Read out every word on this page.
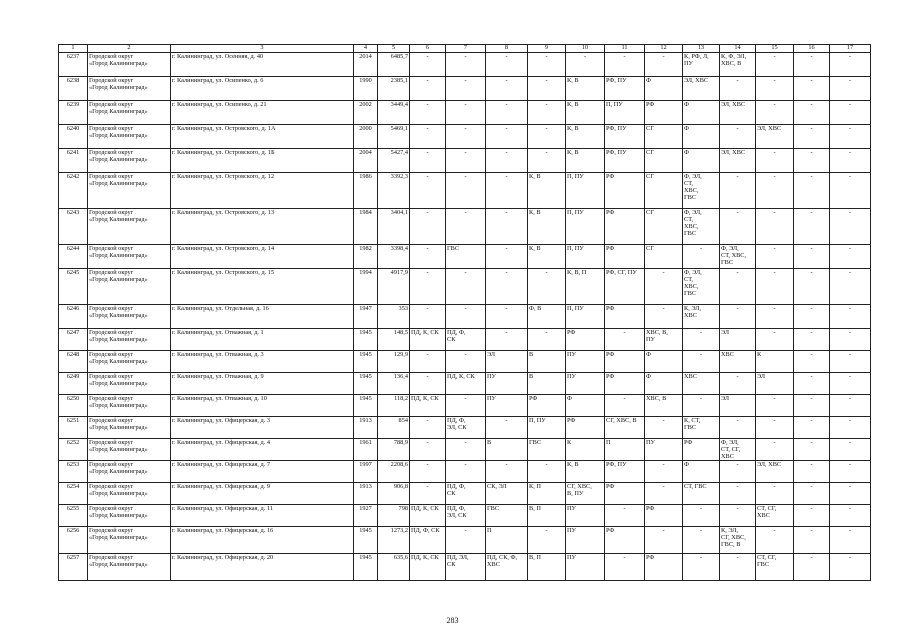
1	2	3	4	5	6	7	8	9	10	11	12	13	14	15	16	17
6237	Городской округ
«Город Калининград»	г. Калининград, ул. Осенняя, д. 40	2014	6485,7	-	-	-	-	-	-	-	К, РФ, Л,
ПУ	К, Ф, ЭЛ,
ХВС, В	-	-	-
6238	Городской округ
«Город Калининград»	г. Калининград, ул. Осипенко, д. 6	1990	2385,1	-	-	-	-	К, В	РФ, ПУ	Ф	ЭЛ, ХВС	-	-	-	-
6239	Городской округ
«Город Калининград»	г. Калининград, ул. Осипенко, д. 21	2002	3449,4	-	-	-	-	К, В	П, ПУ	РФ	Ф	ЭЛ, ХВС	-	-	-
6240	Городской округ
«Город Калининград»	г. Калининград, ул. Островского, д. 1А	2000	5469,1	-	-	-	-	К, В	РФ, ПУ	СГ	Ф	-	ЭЛ, ХВС	-	-
6241	Городской округ
«Город Калининград»	г. Калининград, ул. Островского, д. 1Б	2004	5427,4	-	-	-	-	К, В	РФ, ПУ	СГ	Ф	ЭЛ, ХВС	-	-	-
6242	Городской округ
«Город Калининград»	г. Калининград, ул. Островского, д. 12	1986	3392,3	-	-	-	К, В	П, ПУ	РФ	СГ	Ф, ЭЛ,
СТ,
ХВС,
ГВС	-	-	-	-
6243	Городской округ
«Город Калининград»	г. Калининград, ул. Островского, д. 13	1984	3404,1	-	-	-	К, В	П, ПУ	РФ	СГ	Ф, ЭЛ,
СТ,
ХВС,
ГВС	-	-	-	-
6244	Городской округ
«Город Калининград»	г. Калининград, ул. Островского, д. 14	1982	3398,4	-	ГВС	-	К, В	П, ПУ	РФ	СГ	-	Ф, ЭЛ,
СТ, ХВС,
ГВС	-	-	-
6245	Городской округ
«Город Калининград»	г. Калининград, ул. Островского, д. 15	1994	4917,9	-	-	-	-	К, В, П	РФ, СГ, ПУ	-	Ф, ЭЛ,
СТ,
ХВС,
ГВС	-	-	-	-
6246	Городской округ
«Город Калининград»	г. Калининград, ул. Отдельная, д. 16	1947	353	-	-	-	Ф, В	П, ПУ	РФ	-	К, ЭЛ,
ХВС	-	-	-	-
6247	Городской округ
«Город Калининград»	г. Калининград, ул. Отважная, д. 1	1945	148,5	ПД, К, СК	ПД, Ф,
СК	-	-	РФ	-	ХВС, В,
ПУ	-	ЭЛ	-	-	-
6248	Городской округ
«Город Калининград»	г. Калининград, ул. Отважная, д. 3	1945	129,9	-	-	ЭЛ	В	ПУ	РФ	Ф	-	ХВС	К	-	-
6249	Городской округ
«Город Калининград»	г. Калининград, ул. Отважная, д. 9	1945	136,4	-	ПД, К, СК	ПУ	В	ПУ	РФ	Ф	ХВС	-	ЭЛ	-	-
6250	Городской округ
«Город Калининград»	г. Калининград, ул. Отважная, д. 10	1945	118,2	ПД, К, СК	-	ПУ	РФ	Ф	-	ХВС, В	-	ЭЛ	-	-	-
6251	Городской округ
«Город Калининград»	г. Калининград, ул. Офицерская, д. 3	1913	854	-	ПД, Ф,
ЭЛ, СК	-	П, ПУ	РФ	СГ, ХВС, В	-	К, СТ,
ГВС	-	-	-	-
6252	Городской округ
«Город Калининград»	г. Калининград, ул. Офицерская, д. 4	1961	788,9	-	-	В	ГВС	К	П	ПУ	РФ	Ф, ЭЛ,
СТ, СГ,
ХВС	-	-	-
6253	Городской округ
«Город Калининград»	г. Калининград, ул. Офицерская, д. 7	1997	2208,6	-	-	-	-	К, В	РФ, ПУ	-	Ф	-	ЭЛ, ХВС	-	-
6254	Городской округ
«Город Калининград»	г. Калининград, ул. Офицерская, д. 9	1913	906,8	-	ПД, Ф,
СК	СК, ЭЛ	К, П	СГ, ХВС,
В, ПУ	РФ	-	СТ, ГВС	-	-	-	-
6255	Городской округ
«Город Калининград»	г. Калининград, ул. Офицерская, д. 11	1927	798	ПД, К, СК	ПД, Ф,
ЭЛ, СК	ГВС	В, П	ПУ	-	РФ	-	-	СТ, СГ,
ХВС	-	-
6256	Городской округ
«Город Калининград»	г. Калининград, ул. Офицерская, д. 16	1945	1273,2	ПД, Ф, СК	-	П	-	ПУ	РФ	-	-	К, ЭЛ,
СГ, ХВС,
ГВС, В	-	-	-
6257	Городской округ
«Город Калининград»	г. Калининград, ул. Офицерская, д. 20	1945	635,6	ПД, К, СК	ПД, ЭЛ,
СК	ПД, СК, Ф,
ХВС	В, П	ПУ	-	РФ	-	-	СТ, СГ,
ГВС	-	-
283
